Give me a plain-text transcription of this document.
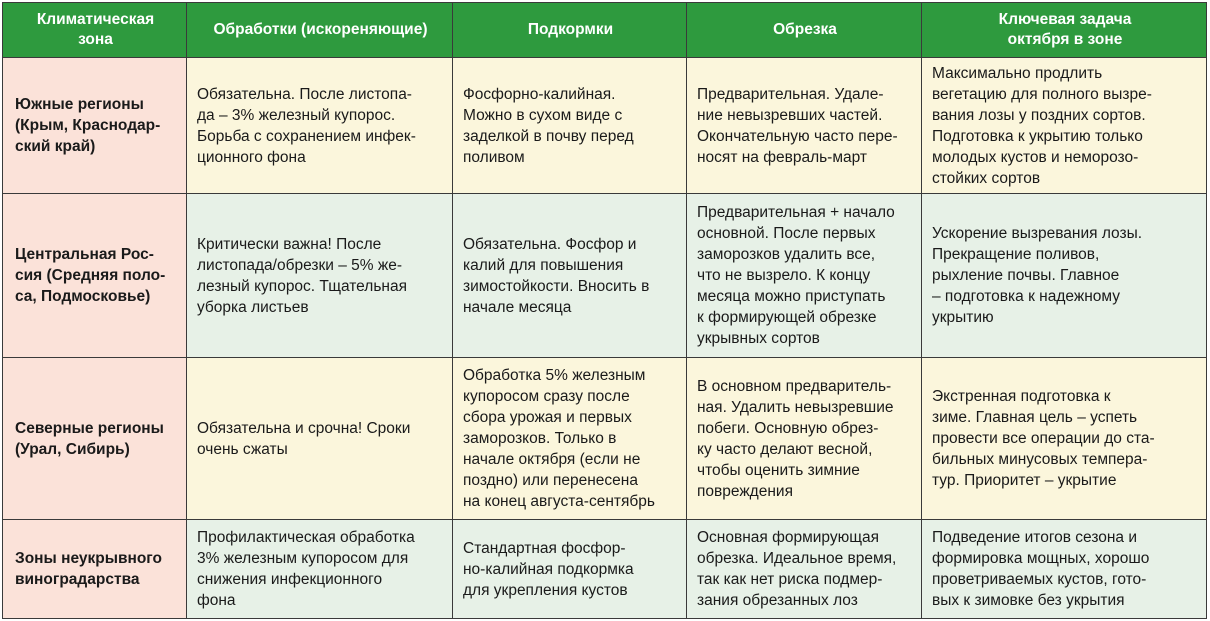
Климатическая
зона
Обработки (искореняющие)	Подкормки	Обрезка
Ключевая задача
октября в зоне
Южные регионы
(Крым, Краснодар-
ский край)
Обязательна. После листопа-
да – 3% железный купорос.
Борьба с сохранением инфек-
ционного фона
Фосфорно-калийная.
Можно в сухом виде с
заделкой в почву перед
поливом
Предварительная. Удале-
ние невызревших частей.
Окончательную часто пере-
носят на февраль-март
Максимально продлить
вегетацию для полного вызре-
вания лозы у поздних сортов.
Подготовка к укрытию только
молодых кустов и неморозо-
стойких сортов
Центральная Рос-
сия (Средняя поло-
са, Подмосковье)
Критически важна! После
листопада/обрезки – 5% же-
лезный купорос. Тщательная
уборка листьев
Обязательна. Фосфор и
калий для повышения
зимостойкости. Вносить в
начале месяца
Предварительная + начало
основной. После первых
заморозков удалить все,
что не вызрело. К концу
месяца можно приступать
к формирующей обрезке
укрывных сортов
Ускорение вызревания лозы.
Прекращение поливов,
рыхление почвы. Главное
– подготовка к надежному
укрытию
Северные регионы
(Урал, Сибирь)
Обязательна и срочна! Сроки
очень сжаты
Обработка 5% железным
купоросом сразу после
сбора урожая и первых
заморозков. Только в
начале октября (если не
поздно) или перенесена
на конец августа-сентябрь
В основном предваритель-
ная. Удалить невызревшие
побеги. Основную обрез-
ку часто делают весной,
чтобы оценить зимние
повреждения
Экстренная подготовка к
зиме. Главная цель – успеть
провести все операции до ста-
бильных минусовых темпера-
тур. Приоритет – укрытие
Зоны неукрывного
виноградарства
Профилактическая обработка
3% железным купоросом для
снижения инфекционного
фона
Стандартная фосфор-
но-калийная подкормка
для укрепления кустов
Основная формирующая
обрезка. Идеальное время,
так как нет риска подмер-
зания обрезанных лоз
Подведение итогов сезона и
формировка мощных, хорошо
проветриваемых кустов, гото-
вых к зимовке без укрытия
